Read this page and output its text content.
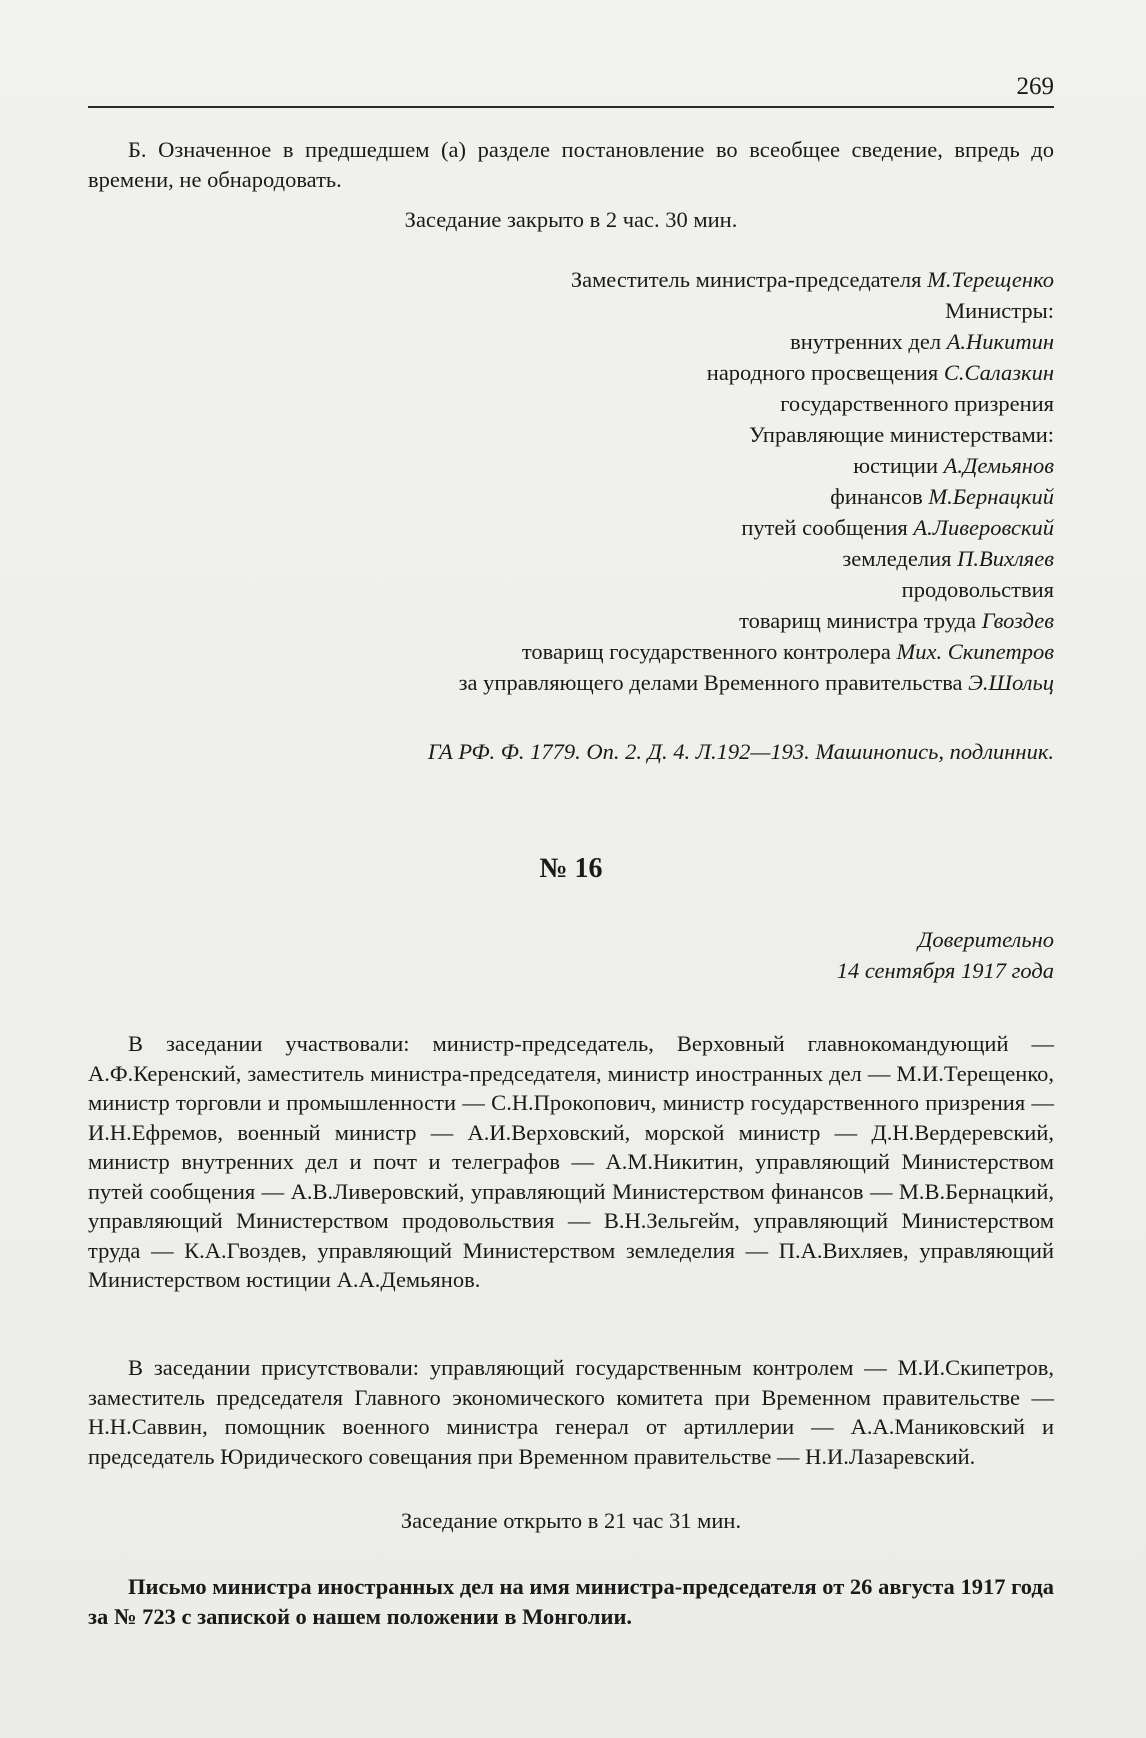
269

Б. Означенное в предшедшем (а) разделе постановление во всеобщее сведение, впредь до времени, не обнародовать.

Заседание закрыто в 2 час. 30 мин.

Заместитель министра-председателя М.Терещенко
Министры:
внутренних дел А.Никитин
народного просвещения С.Салазкин
государственного призрения
Управляющие министерствами:
юстиции А.Демьянов
финансов М.Бернацкий
путей сообщения А.Ливеровский
земледелия П.Вихляев
продовольствия
товарищ министра труда Гвоздев
товарищ государственного контролера Мих. Скипетров
за управляющего делами Временного правительства Э.Шольц
ГА РФ. Ф. 1779. Оп. 2. Д. 4. Л.192—193. Машинопись, подлинник.
№ 16
Доверительно
14 сентября 1917 года

В заседании участвовали: министр-председатель, Верховный главнокомандующий — А.Ф.Керенский, заместитель министра-председателя, министр иностранных дел — М.И.Терещенко, министр торговли и промышленности — С.Н.Прокопович, министр государственного призрения — И.Н.Ефремов, военный министр — А.И.Верховский, морской министр — Д.Н.Вердеревский, министр внутренних дел и почт и телеграфов — А.М.Никитин, управляющий Министерством путей сообщения — А.В.Ливеровский, управляющий Министерством финансов — М.В.Бернацкий, управляющий Министерством продовольствия — В.Н.Зельгейм, управляющий Министерством труда — К.А.Гвоздев, управляющий Министерством земледелия — П.А.Вихляев, управляющий Министерством юстиции А.А.Демьянов.

В заседании присутствовали: управляющий государственным контролем — М.И.Скипетров, заместитель председателя Главного экономического комитета при Временном правительстве — Н.Н.Саввин, помощник военного министра генерал от артиллерии — А.А.Маниковский и председатель Юридического совещания при Временном правительстве — Н.И.Лазаревский.

Заседание открыто в 21 час 31 мин.

Письмо министра иностранных дел на имя министра-председателя от 26 августа 1917 года за № 723 с запиской о нашем положении в Монголии.
